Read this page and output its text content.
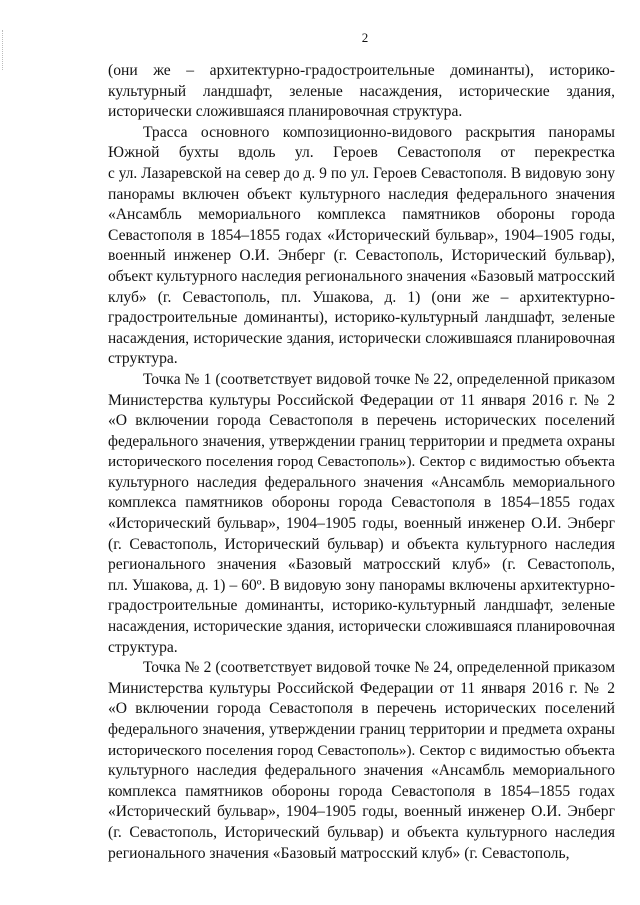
2

(они же – архитектурно-градостроительные доминанты), историко-
культурный ландшафт, зеленые насаждения, исторические здания,
исторически сложившаяся планировочная структура.

Трасса основного композиционно-видового раскрытия панорамы
Южной бухты вдоль ул. Героев Севастополя от перекрестка
с ул. Лазаревской на север до д. 9 по ул. Героев Севастополя. В видовую зону
панорамы включен объект культурного наследия федерального значения
«Ансамбль мемориального комплекса памятников обороны города
Севастополя в 1854–1855 годах «Исторический бульвар», 1904–1905 годы,
военный инженер О.И. Энберг (г. Севастополь, Исторический бульвар),
объект культурного наследия регионального значения «Базовый матросский
клуб» (г. Севастополь, пл. Ушакова, д. 1) (они же – архитектурно-
градостроительные доминанты), историко-культурный ландшафт, зеленые
насаждения, исторические здания, исторически сложившаяся планировочная
структура.

Точка № 1 (соответствует видовой точке № 22, определенной приказом
Министерства культуры Российской Федерации от 11 января 2016 г. № 2
«О включении города Севастополя в перечень исторических поселений
федерального значения, утверждении границ территории и предмета охраны
исторического поселения город Севастополь»). Сектор с видимостью объекта
культурного наследия федерального значения «Ансамбль мемориального
комплекса памятников обороны города Севастополя в 1854–1855 годах
«Исторический бульвар», 1904–1905 годы, военный инженер О.И. Энберг
(г. Севастополь, Исторический бульвар) и объекта культурного наследия
регионального значения «Базовый матросский клуб» (г. Севастополь,
пл. Ушакова, д. 1) – 60º. В видовую зону панорамы включены архитектурно-
градостроительные доминанты, историко-культурный ландшафт, зеленые
насаждения, исторические здания, исторически сложившаяся планировочная
структура.

Точка № 2 (соответствует видовой точке № 24, определенной приказом
Министерства культуры Российской Федерации от 11 января 2016 г. № 2
«О включении города Севастополя в перечень исторических поселений
федерального значения, утверждении границ территории и предмета охраны
исторического поселения город Севастополь»). Сектор с видимостью объекта
культурного наследия федерального значения «Ансамбль мемориального
комплекса памятников обороны города Севастополя в 1854–1855 годах
«Исторический бульвар», 1904–1905 годы, военный инженер О.И. Энберг
(г. Севастополь, Исторический бульвар) и объекта культурного наследия
регионального значения «Базовый матросский клуб» (г. Севастополь,
